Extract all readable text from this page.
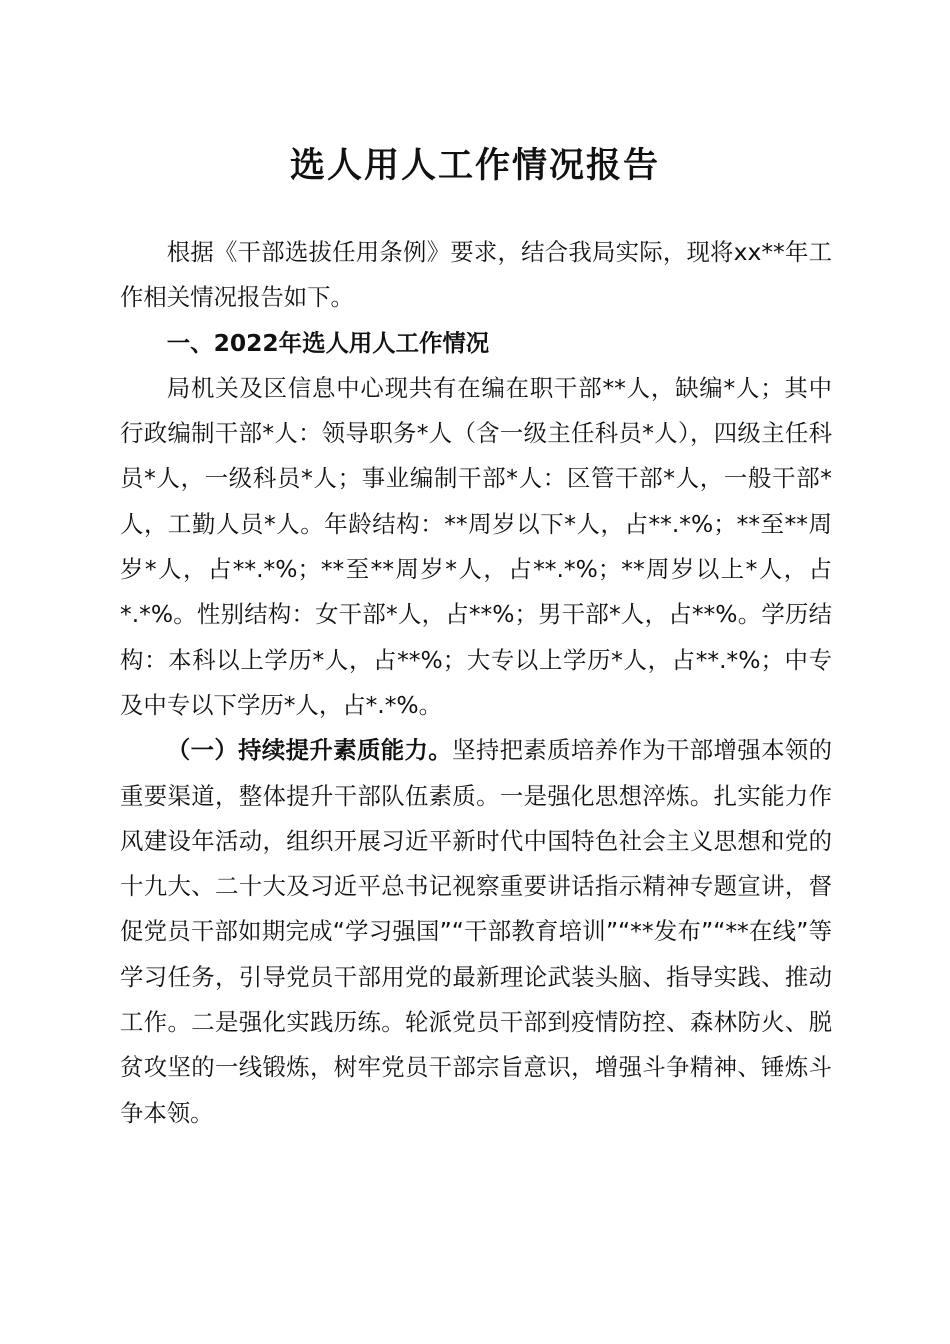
选人用人工作情况报告

根据《干部选拔任用条例》要求，结合我局实际，现将xx**年工作相关情况报告如下。

一、2022年选人用人工作情况

局机关及区信息中心现共有在编在职干部**人，缺编*人；其中行政编制干部*人：领导职务*人（含一级主任科员*人），四级主任科员*人，一级科员*人；事业编制干部*人：区管干部*人，一般干部*人，工勤人员*人。年龄结构：**周岁以下*人，占**.*%；**至**周岁*人，占**.*%；**至**周岁*人，占**.*%；**周岁以上*人，占*.*%。性别结构：女干部*人，占**%；男干部*人，占**%。学历结构：本科以上学历*人，占**%；大专以上学历*人，占**.*%；中专及中专以下学历*人，占*.*%。

（一）持续提升素质能力。坚持把素质培养作为干部增强本领的重要渠道，整体提升干部队伍素质。一是强化思想淬炼。扎实能力作风建设年活动，组织开展习近平新时代中国特色社会主义思想和党的十九大、二十大及习近平总书记视察重要讲话指示精神专题宣讲，督促党员干部如期完成“学习强国”“干部教育培训”“**发布”“**在线”等学习任务，引导党员干部用党的最新理论武装头脑、指导实践、推动工作。二是强化实践历练。轮派党员干部到疫情防控、森林防火、脱贫攻坚的一线锻炼，树牢党员干部宗旨意识，增强斗争精神、锤炼斗争本领。
